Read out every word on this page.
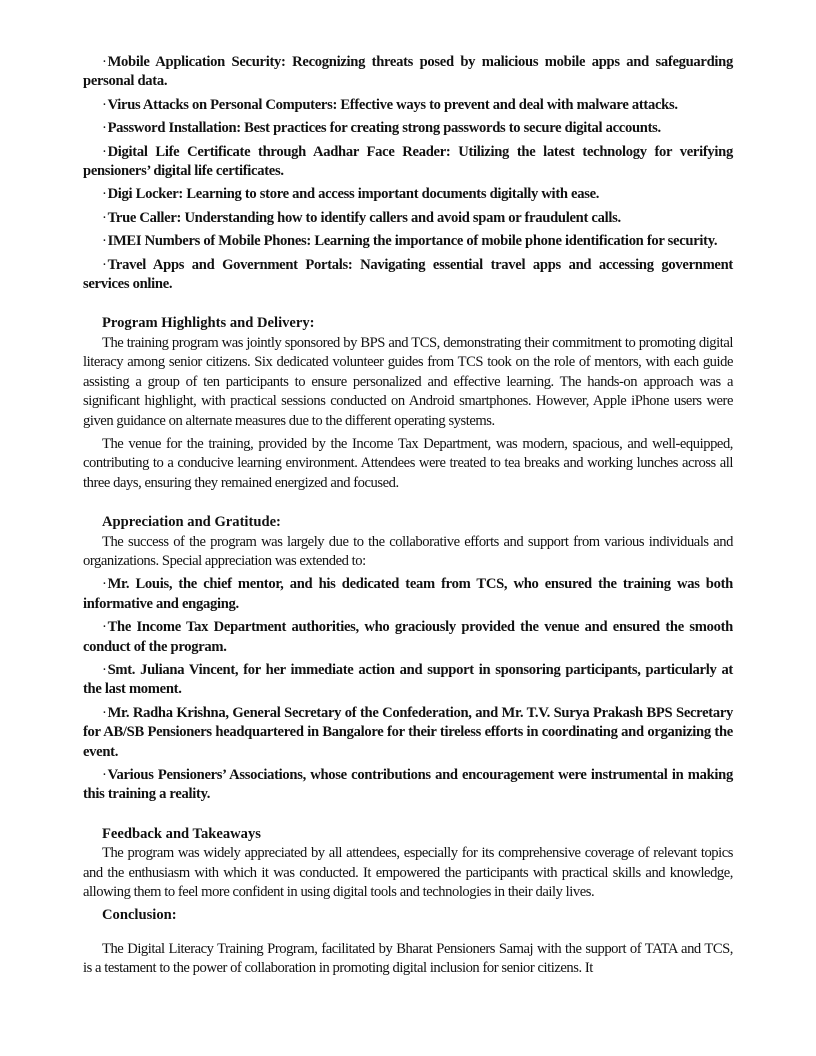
·Mobile Application Security: Recognizing threats posed by malicious mobile apps and safeguarding personal data.

·Virus Attacks on Personal Computers: Effective ways to prevent and deal with malware attacks.

·Password Installation: Best practices for creating strong passwords to secure digital accounts.

·Digital Life Certificate through Aadhar Face Reader: Utilizing the latest technology for verifying pensioners’ digital life certificates.

·Digi Locker: Learning to store and access important documents digitally with ease.

·True Caller: Understanding how to identify callers and avoid spam or fraudulent calls.

·IMEI Numbers of Mobile Phones: Learning the importance of mobile phone identification for security.

·Travel Apps and Government Portals: Navigating essential travel apps and accessing government services online.

Program Highlights and Delivery:

The training program was jointly sponsored by BPS and TCS, demonstrating their commitment to promoting digital literacy among senior citizens. Six dedicated volunteer guides from TCS took on the role of mentors, with each guide assisting a group of ten participants to ensure personalized and effective learning. The hands-on approach was a significant highlight, with practical sessions conducted on Android smartphones. However, Apple iPhone users were given guidance on alternate measures due to the different operating systems.

The venue for the training, provided by the Income Tax Department, was modern, spacious, and well-equipped, contributing to a conducive learning environment. Attendees were treated to tea breaks and working lunches across all three days, ensuring they remained energized and focused.

Appreciation and Gratitude:

The success of the program was largely due to the collaborative efforts and support from various individuals and organizations. Special appreciation was extended to:

·Mr. Louis, the chief mentor, and his dedicated team from TCS, who ensured the training was both informative and engaging.

·The Income Tax Department authorities, who graciously provided the venue and ensured the smooth conduct of the program.

·Smt. Juliana Vincent, for her immediate action and support in sponsoring participants, particularly at the last moment.

·Mr. Radha Krishna, General Secretary of the Confederation, and Mr. T.V. Surya Prakash BPS Secretary for AB/SB Pensioners headquartered in Bangalore for their tireless efforts in coordinating and organizing the event.

·Various Pensioners’ Associations, whose contributions and encouragement were instrumental in making this training a reality.

Feedback and Takeaways

The program was widely appreciated by all attendees, especially for its comprehensive coverage of relevant topics and the enthusiasm with which it was conducted. It empowered the participants with practical skills and knowledge, allowing them to feel more confident in using digital tools and technologies in their daily lives.

Conclusion:

The Digital Literacy Training Program, facilitated by Bharat Pensioners Samaj with the support of TATA and TCS, is a testament to the power of collaboration in promoting digital inclusion for senior citizens. It
